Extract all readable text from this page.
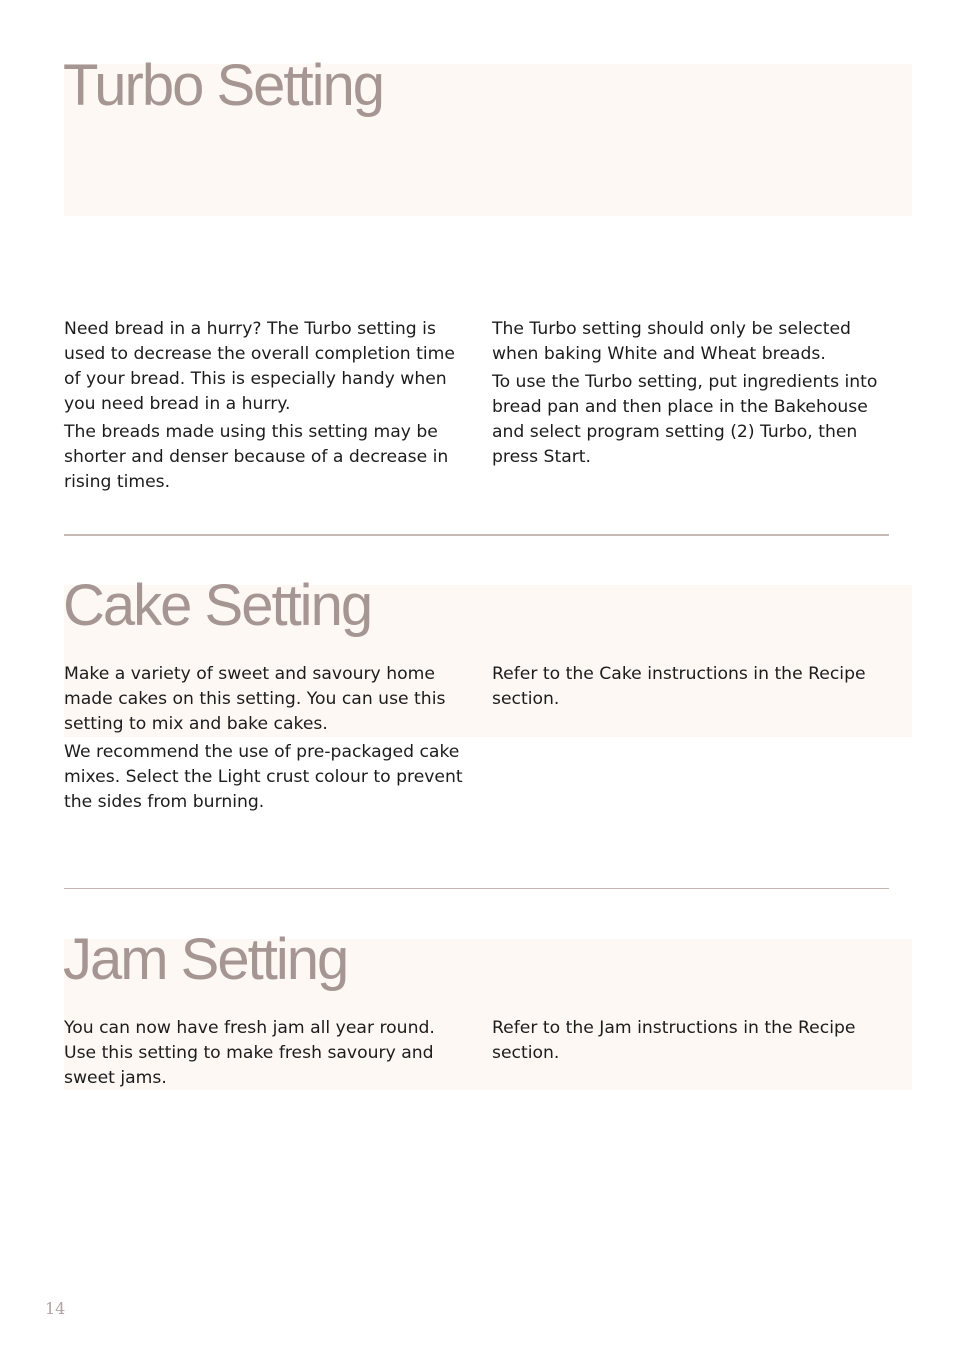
Turbo Setting

Need bread in a hurry? The Turbo setting is used to decrease the overall completion time of your bread. This is especially handy when you need bread in a hurry.

The breads made using this setting may be shorter and denser because of a decrease in rising times.

The Turbo setting should only be selected when baking White and Wheat breads.

To use the Turbo setting, put ingredients into bread pan and then place in the Bakehouse and select program setting (2) Turbo, then press Start.

Cake Setting

Make a variety of sweet and savoury home made cakes on this setting. You can use this setting to mix and bake cakes.

We recommend the use of pre-packaged cake mixes. Select the Light crust colour to prevent the sides from burning.

Refer to the Cake instructions in the Recipe section.

Jam Setting

You can now have fresh jam all year round. Use this setting to make fresh savoury and sweet jams.

Refer to the Jam instructions in the Recipe section.

14
